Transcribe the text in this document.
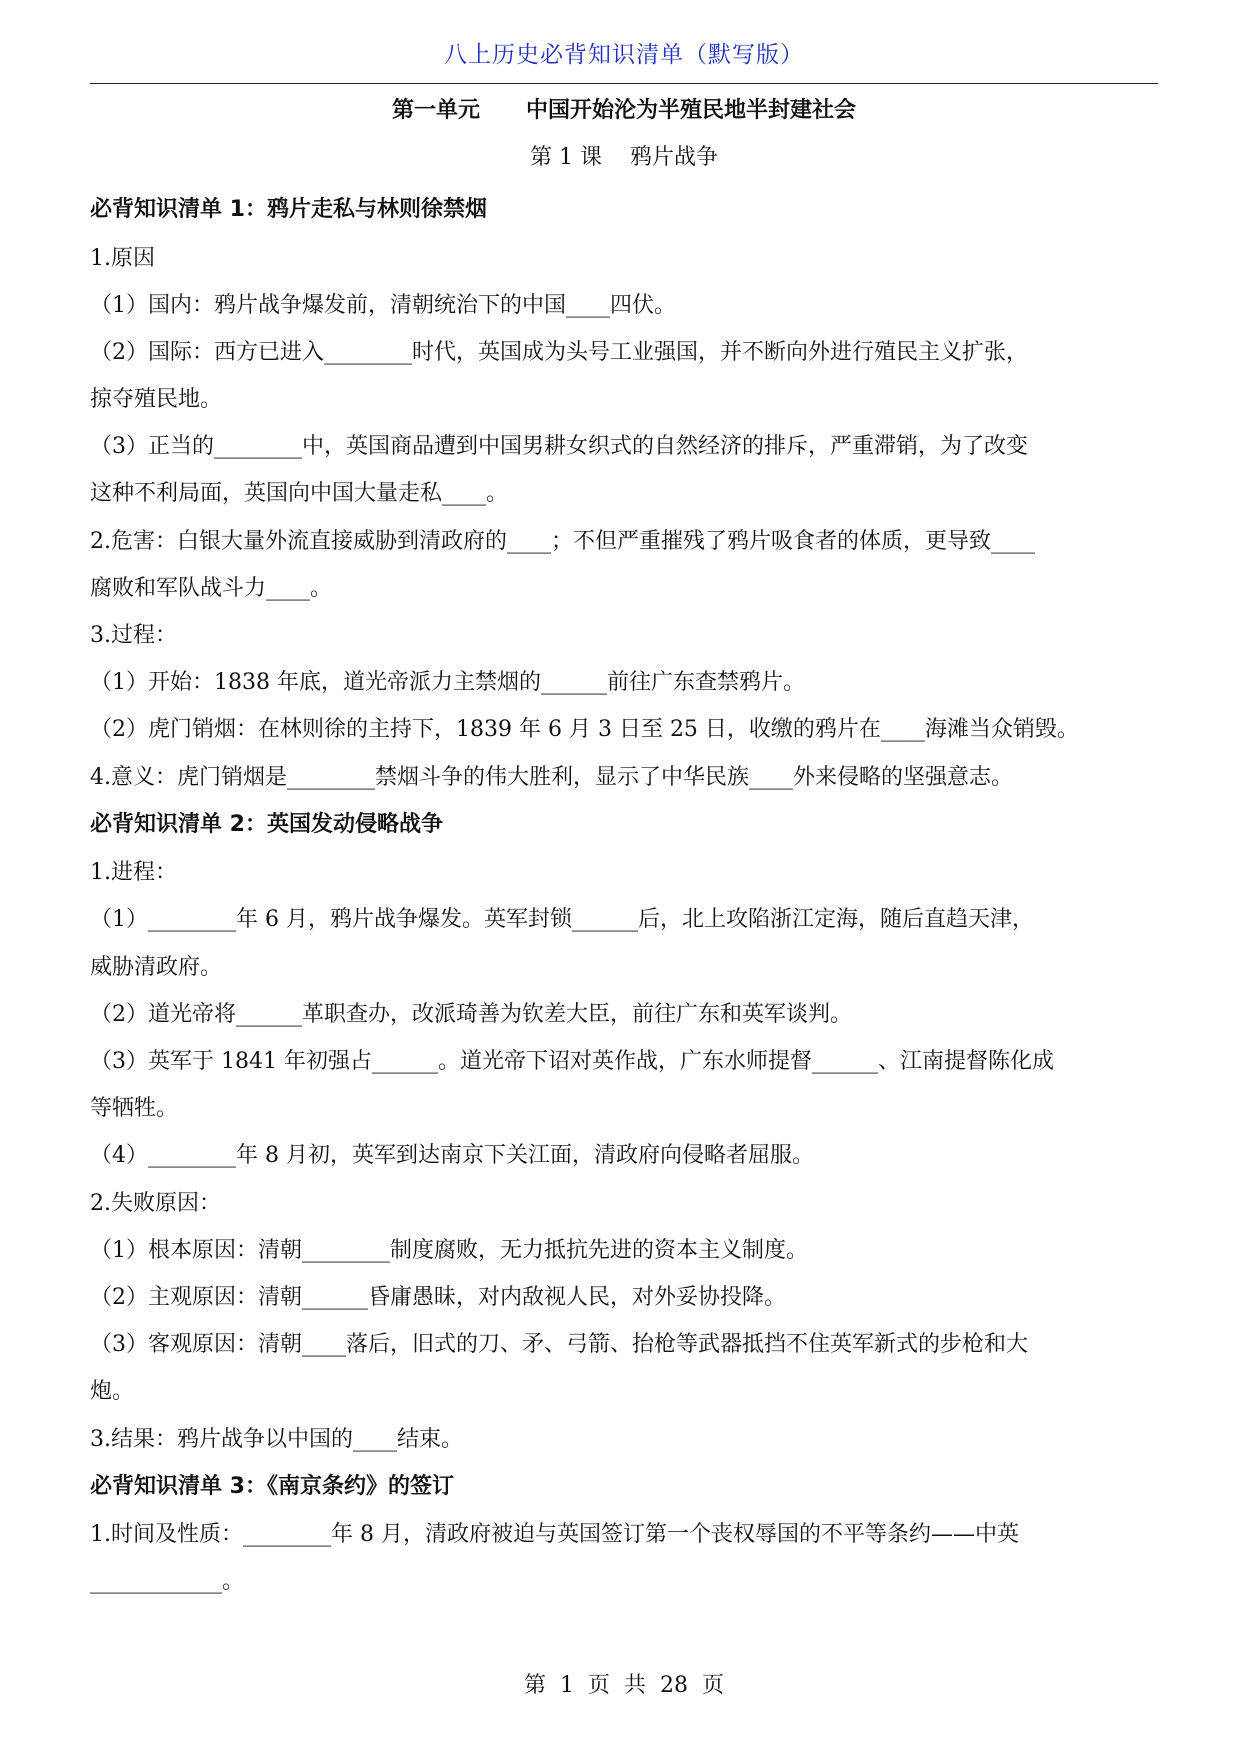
八上历史必背知识清单（默写版）
第一单元      中国开始沦为半殖民地半封建社会
第 1 课    鸦片战争
必背知识清单 1：鸦片走私与林则徐禁烟
1.原因
（1）国内：鸦片战争爆发前，清朝统治下的中国____四伏。
（2）国际：西方已进入________时代，英国成为头号工业强国，并不断向外进行殖民主义扩张，
掠夺殖民地。
（3）正当的________中，英国商品遭到中国男耕女织式的自然经济的排斥，严重滞销，为了改变
这种不利局面，英国向中国大量走私____。
2.危害：白银大量外流直接威胁到清政府的____；不但严重摧残了鸦片吸食者的体质，更导致____
腐败和军队战斗力____。
3.过程：
（1）开始：1838 年底，道光帝派力主禁烟的______前往广东查禁鸦片。
（2）虎门销烟：在林则徐的主持下，1839 年 6 月 3 日至 25 日，收缴的鸦片在____海滩当众销毁。
4.意义：虎门销烟是________禁烟斗争的伟大胜利，显示了中华民族____外来侵略的坚强意志。
必背知识清单 2：英国发动侵略战争
1.进程：
（1）________年 6 月，鸦片战争爆发。英军封锁______后，北上攻陷浙江定海，随后直趋天津，
威胁清政府。
（2）道光帝将______革职查办，改派琦善为钦差大臣，前往广东和英军谈判。
（3）英军于 1841 年初强占______。道光帝下诏对英作战，广东水师提督______、江南提督陈化成
等牺牲。
（4）________年 8 月初，英军到达南京下关江面，清政府向侵略者屈服。
2.失败原因：
（1）根本原因：清朝________制度腐败，无力抵抗先进的资本主义制度。
（2）主观原因：清朝______昏庸愚昧，对内敌视人民，对外妥协投降。
（3）客观原因：清朝____落后，旧式的刀、矛、弓箭、抬枪等武器抵挡不住英军新式的步枪和大
炮。
3.结果：鸦片战争以中国的____结束。
必背知识清单 3：《南京条约》的签订
1.时间及性质：________年 8 月，清政府被迫与英国签订第一个丧权辱国的不平等条约——中英
____________。
第  1  页  共  28  页
